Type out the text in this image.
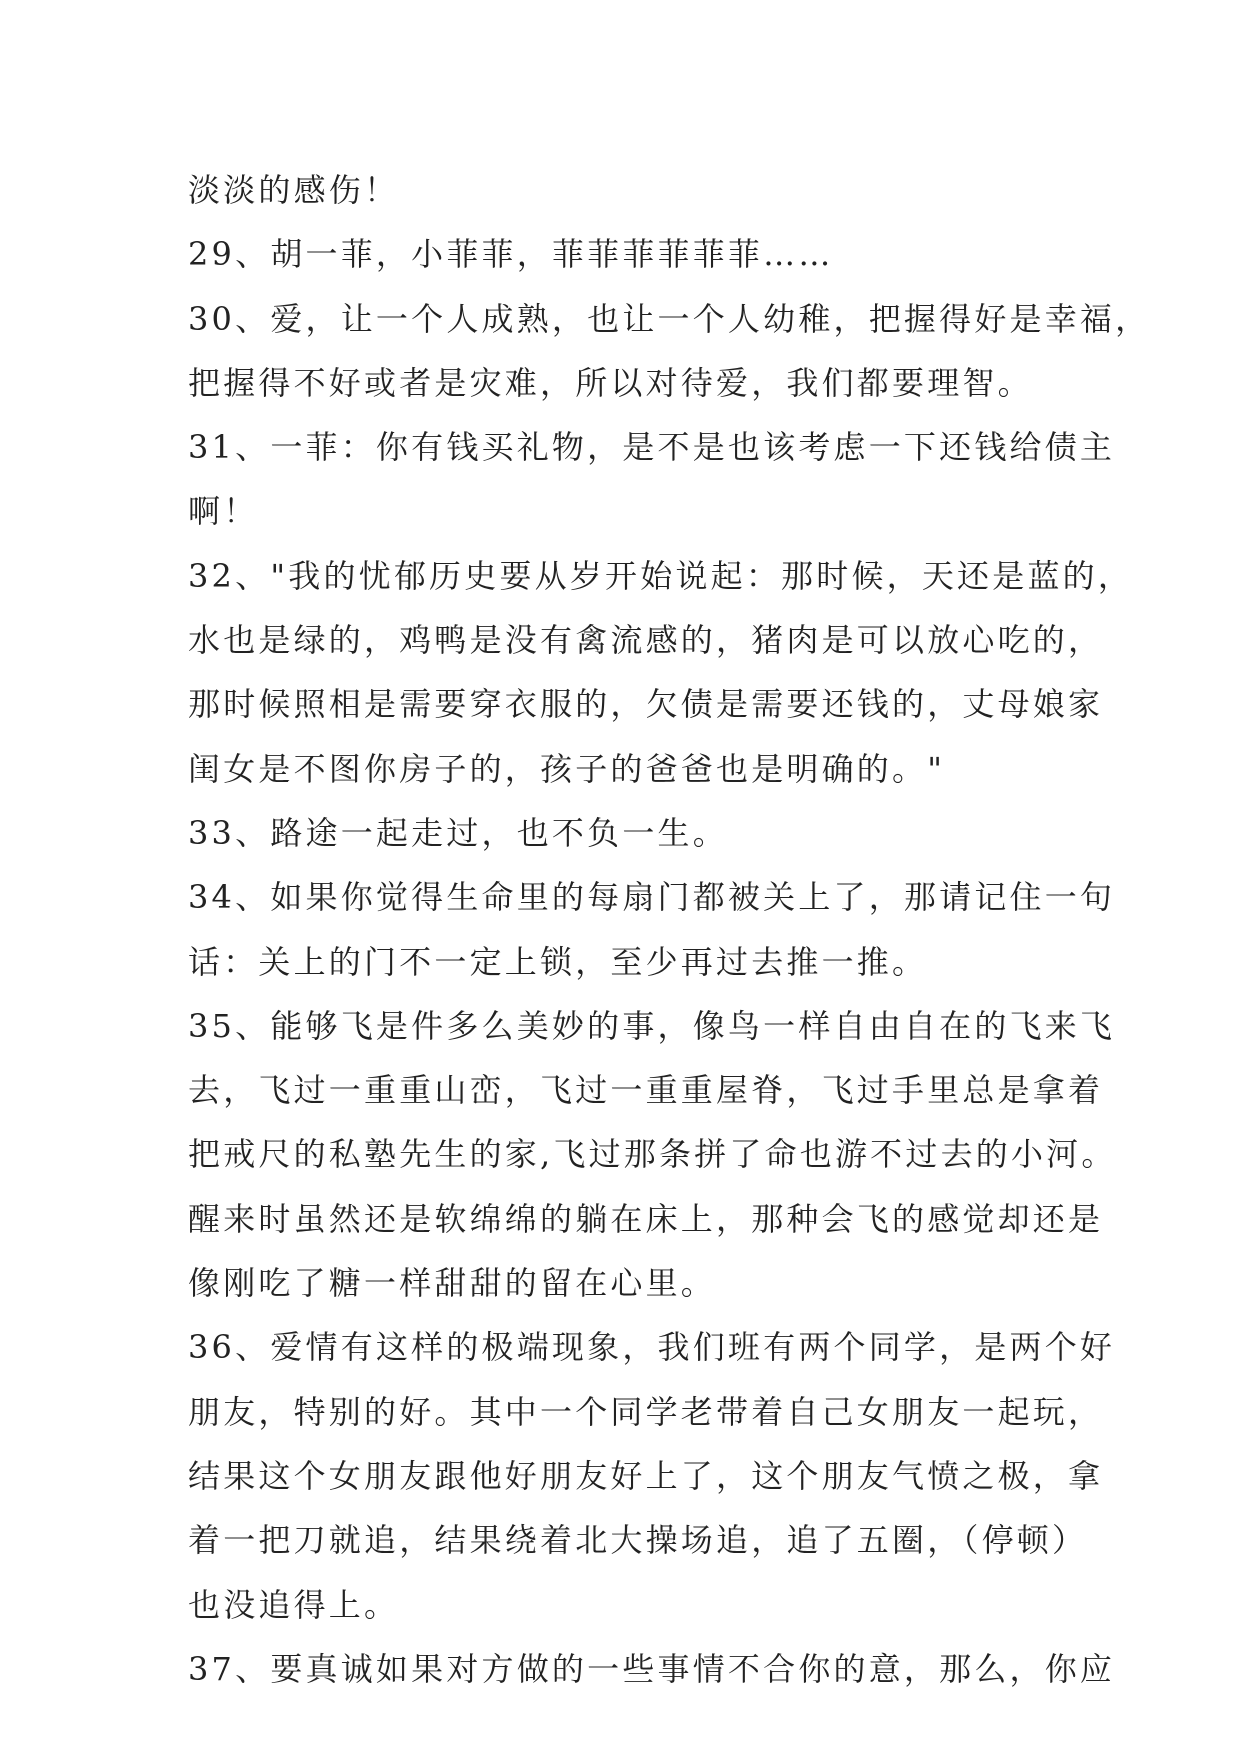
淡淡的感伤！
29、胡一菲，小菲菲，菲菲菲菲菲菲……
30、爱，让一个人成熟，也让一个人幼稚，把握得好是幸福，
把握得不好或者是灾难，所以对待爱，我们都要理智。
31、一菲：你有钱买礼物，是不是也该考虑一下还钱给债主
啊！
32、"我的忧郁历史要从岁开始说起：那时候，天还是蓝的，
水也是绿的，鸡鸭是没有禽流感的，猪肉是可以放心吃的，
那时候照相是需要穿衣服的，欠债是需要还钱的，丈母娘家
闺女是不图你房子的，孩子的爸爸也是明确的。"
33、路途一起走过，也不负一生。
34、如果你觉得生命里的每扇门都被关上了，那请记住一句
话：关上的门不一定上锁，至少再过去推一推。
35、能够飞是件多么美妙的事，像鸟一样自由自在的飞来飞
去，飞过一重重山峦，飞过一重重屋脊，飞过手里总是拿着
把戒尺的私塾先生的家,飞过那条拼了命也游不过去的小河。
醒来时虽然还是软绵绵的躺在床上，那种会飞的感觉却还是
像刚吃了糖一样甜甜的留在心里。
36、爱情有这样的极端现象，我们班有两个同学，是两个好
朋友，特别的好。其中一个同学老带着自己女朋友一起玩，
结果这个女朋友跟他好朋友好上了，这个朋友气愤之极，拿
着一把刀就追，结果绕着北大操场追，追了五圈，（停顿）
也没追得上。
37、要真诚如果对方做的一些事情不合你的意，那么，你应
